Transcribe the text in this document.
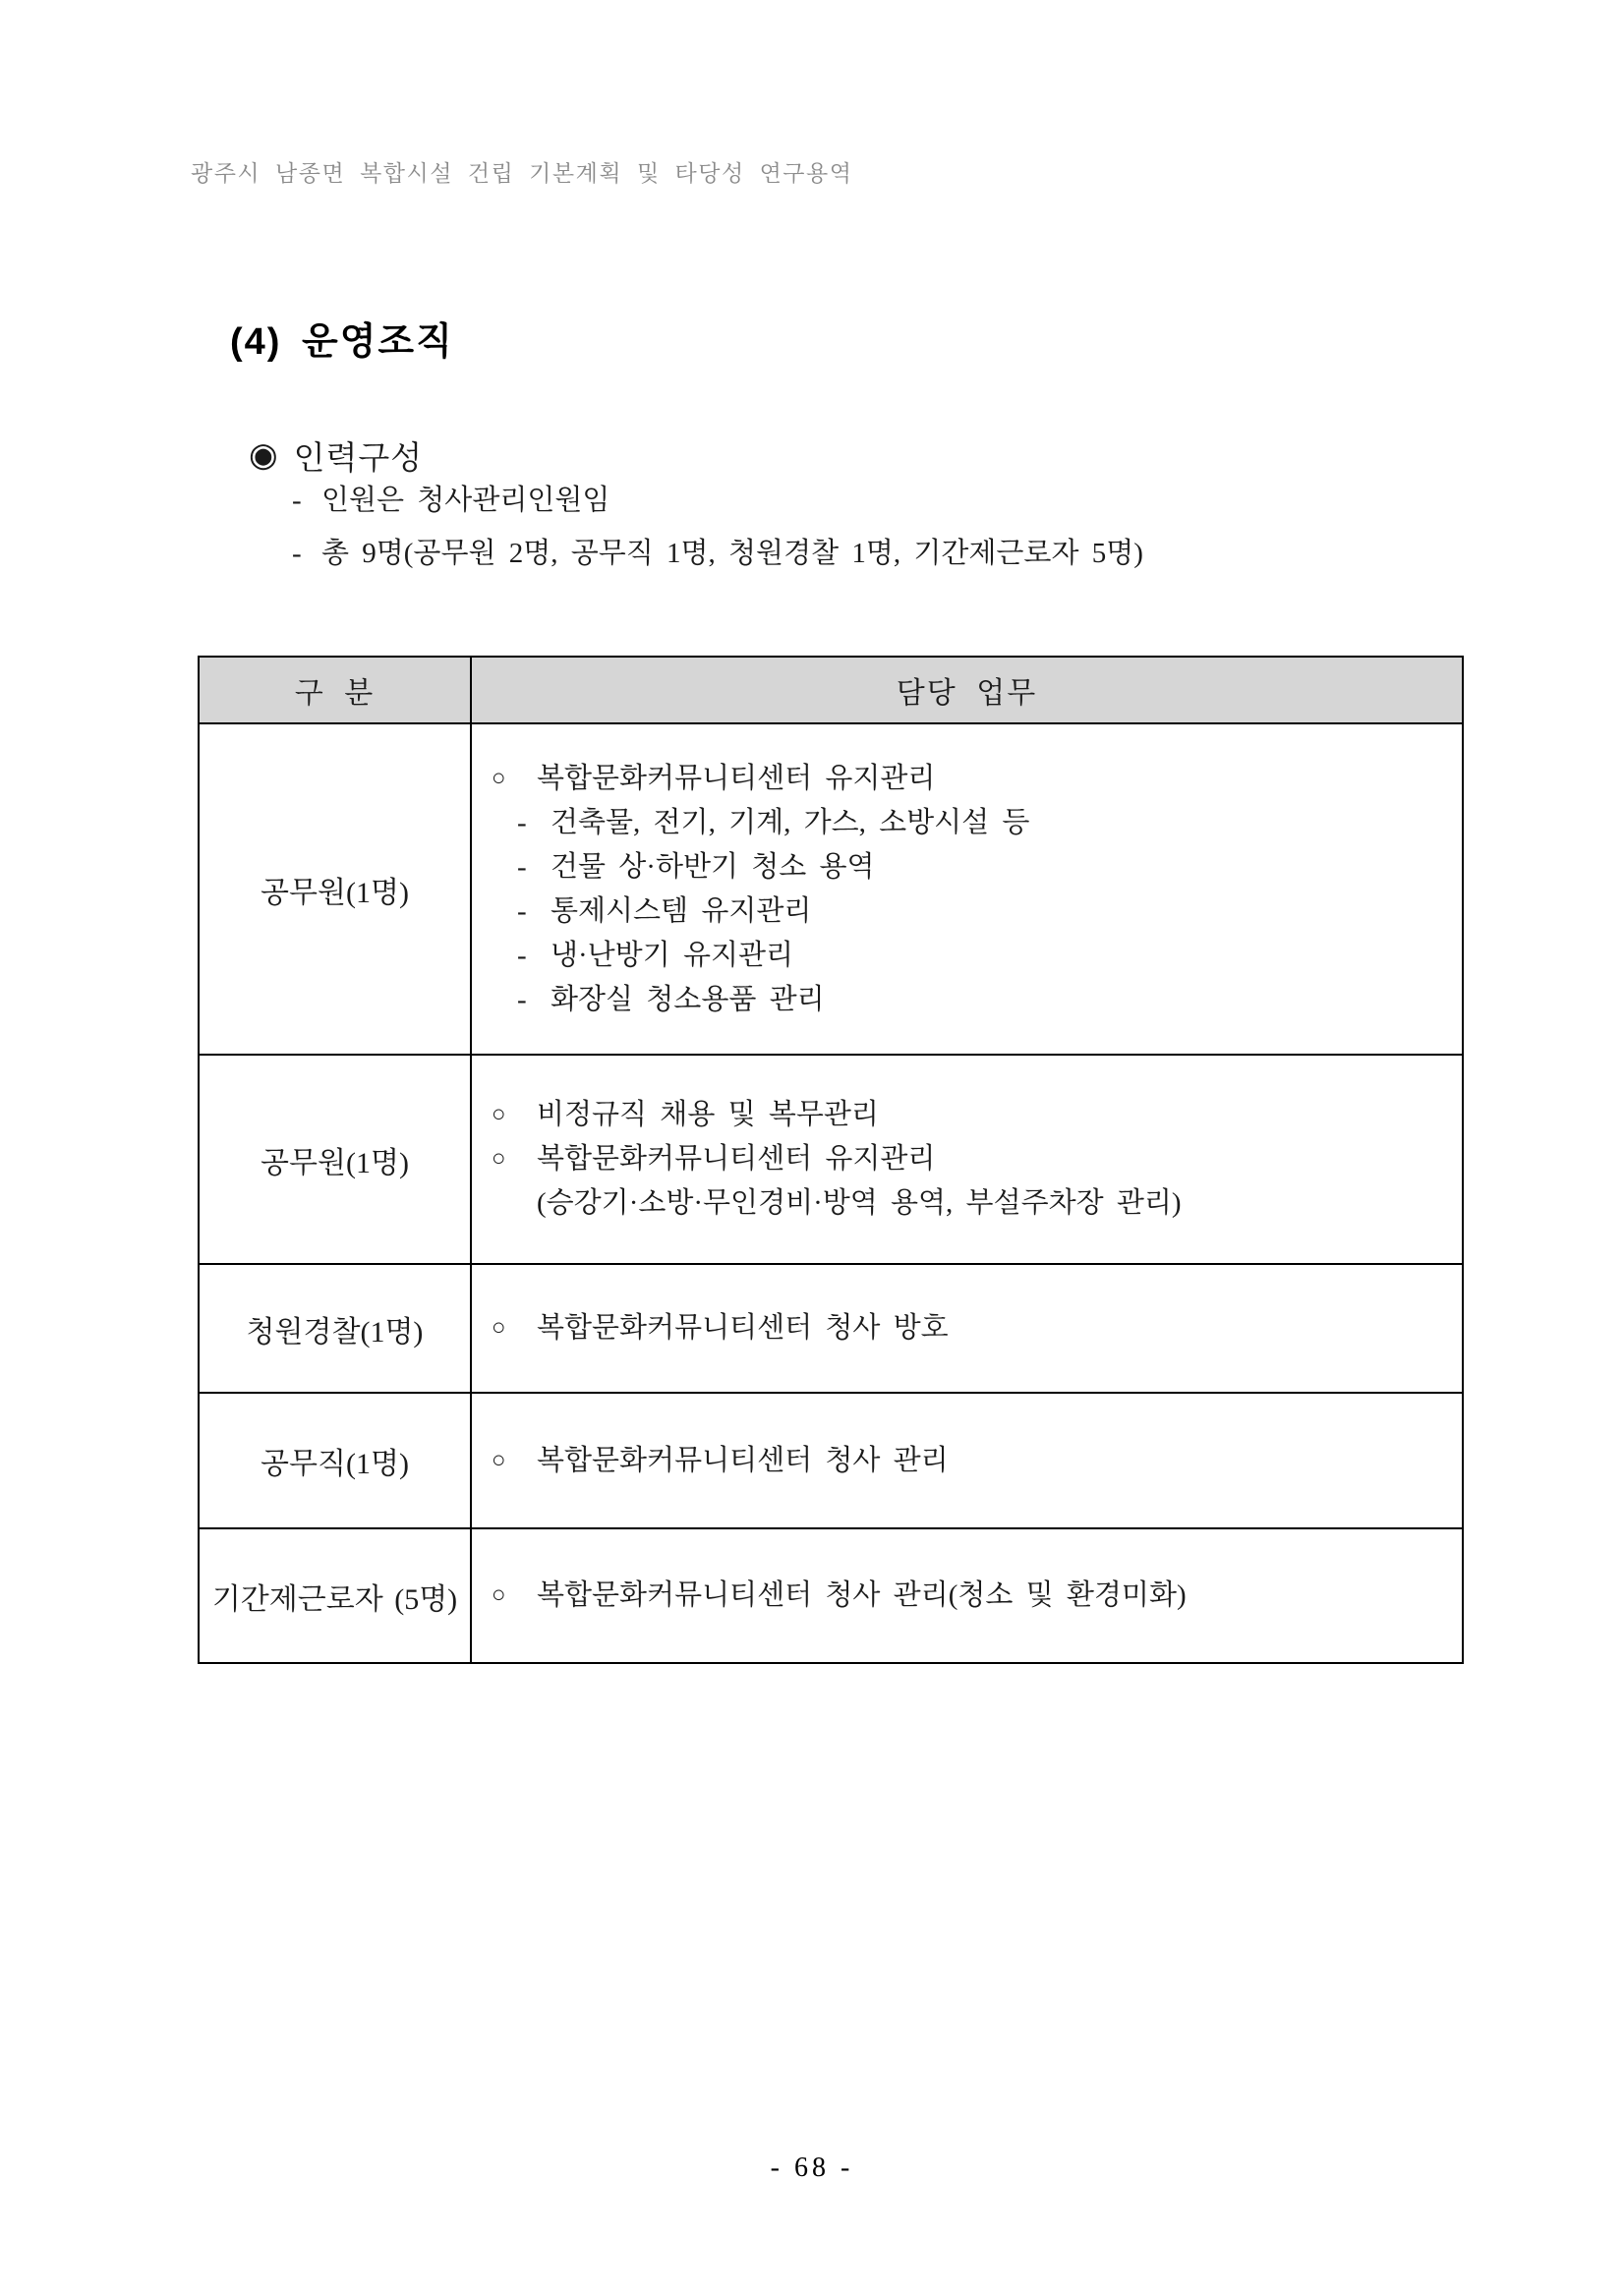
광주시 남종면 복합시설 건립 기본계획 및 타당성 연구용역
(4) 운영조직
◉ 인력구성
- 인원은 청사관리인원임
- 총 9명(공무원 2명, 공무직 1명, 청원경찰 1명, 기간제근로자 5명)
구 분	담당 업무
공무원(1명)	
○	복합문화커뮤니티센터 유지관리
- 건축물, 전기, 기계, 가스, 소방시설 등
- 건물 상·하반기 청소 용역
- 통제시스템 유지관리
- 냉·난방기 유지관리
- 화장실 청소용품 관리

공무원(1명)	○ 비정규직 채용 및 복무관리
○ 복합문화커뮤니티센터 유지관리
(승강기·소방·무인경비·방역 용역, 부설주차장 관리)

청원경찰(1명)	○ 복합문화커뮤니티센터 청사 방호

공무직(1명)	○ 복합문화커뮤니티센터 청사 관리

기간제근로자 (5명)	○ 복합문화커뮤니티센터 청사 관리(청소 및 환경미화)
- 68 -
